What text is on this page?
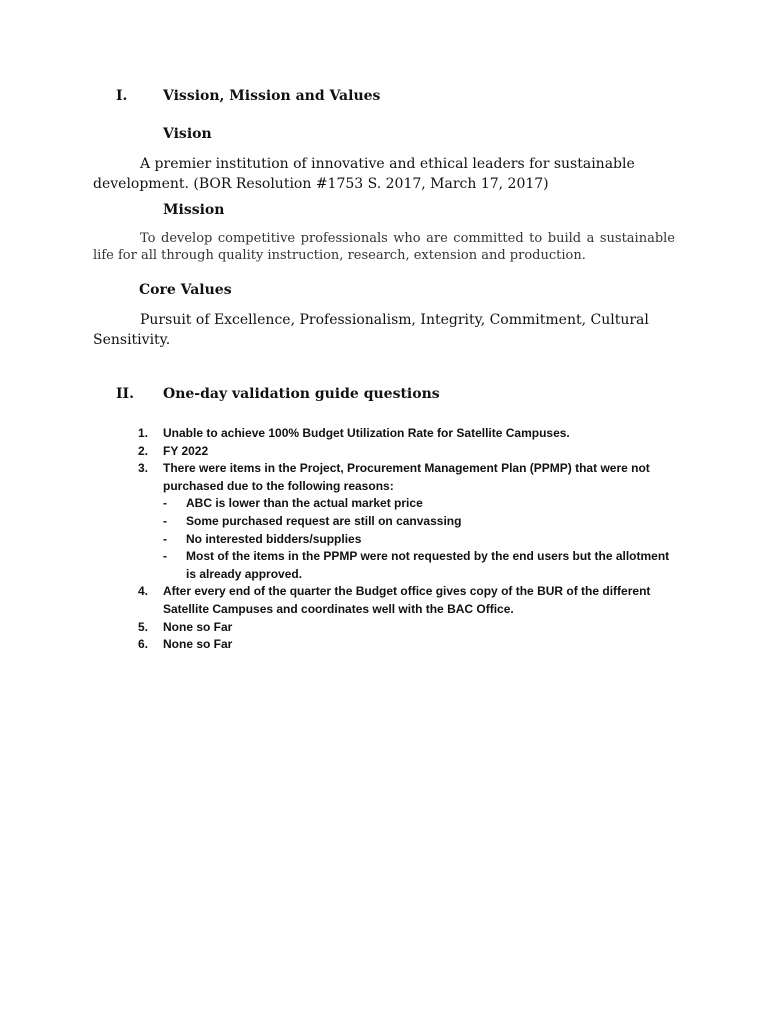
I.	Vission, Mission and Values
Vision
A premier institution of innovative and ethical leaders for sustainable development. (BOR Resolution #1753 S. 2017, March 17, 2017)
Mission
To develop competitive professionals who are committed to build a sustainable life for all through quality instruction, research, extension and production.
Core Values
Pursuit of Excellence, Professionalism, Integrity, Commitment, Cultural Sensitivity.
II. One-day validation guide questions
1. Unable to achieve 100% Budget Utilization Rate for Satellite Campuses.
2. FY 2022
3. There were items in the Project, Procurement Management Plan (PPMP) that were not purchased due to the following reasons:
- ABC is lower than the actual market price
- Some purchased request are still on canvassing
- No interested bidders/supplies
- Most of the items in the PPMP were not requested by the end users but the allotment is already approved.
4. After every end of the quarter the Budget office gives copy of the BUR of the different Satellite Campuses and coordinates well with the BAC Office.
5. None so Far
6. None so Far
